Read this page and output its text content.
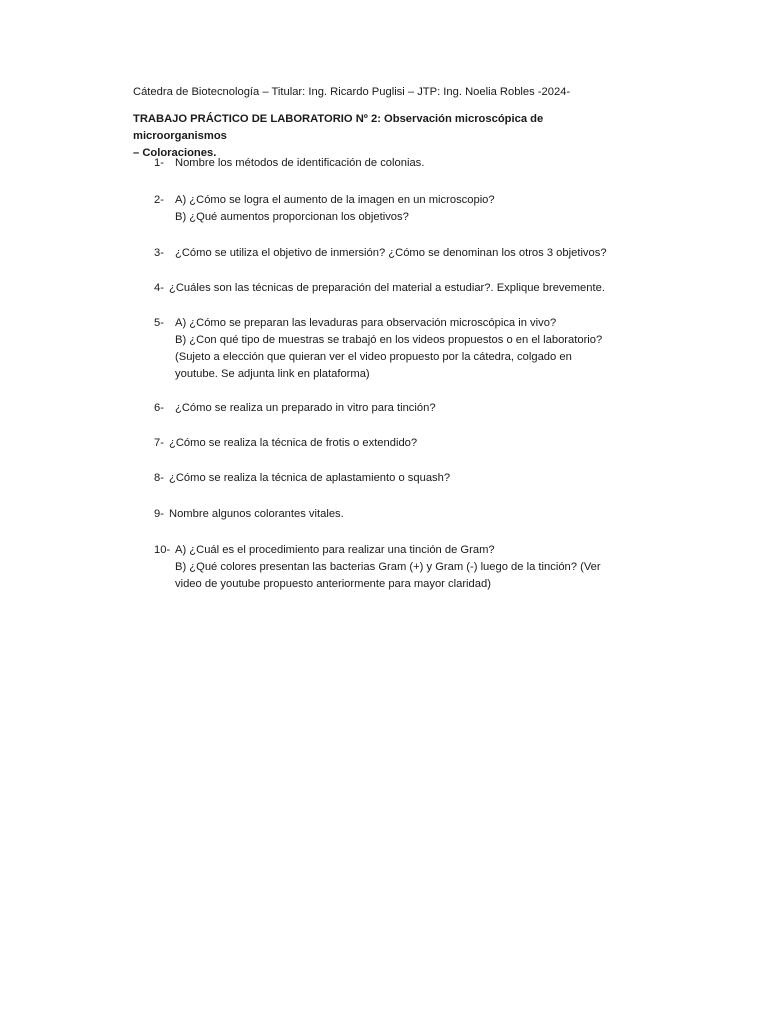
Cátedra de Biotecnología – Titular: Ing. Ricardo Puglisi – JTP: Ing. Noelia Robles -2024-
TRABAJO PRÁCTICO DE LABORATORIO Nº 2: Observación microscópica de microorganismos
– Coloraciones.
1- Nombre los métodos de identificación de colonias.
2- A) ¿Cómo se logra el aumento de la imagen en un microscopio?
B) ¿Qué aumentos proporcionan los objetivos?
3- ¿Cómo se utiliza el objetivo de inmersión? ¿Cómo se denominan los otros 3 objetivos?
4- ¿Cuáles son las técnicas de preparación del material a estudiar?. Explique brevemente.
5- A) ¿Cómo se preparan las levaduras para observación microscópica in vivo?
B) ¿Con qué tipo de muestras se trabajó en los videos propuestos o en el laboratorio?
(Sujeto a elección que quieran ver el video propuesto por la cátedra, colgado en
youtube. Se adjunta link en plataforma)
6- ¿Cómo se realiza un preparado in vitro para tinción?
7- ¿Cómo se realiza la técnica de frotis o extendido?
8- ¿Cómo se realiza la técnica de aplastamiento o squash?
9- Nombre algunos colorantes vitales.
10- A) ¿Cuál es el procedimiento para realizar una tinción de Gram?
B) ¿Qué colores presentan las bacterias Gram (+) y Gram (-) luego de la tinción? (Ver
video de youtube propuesto anteriormente para mayor claridad)
